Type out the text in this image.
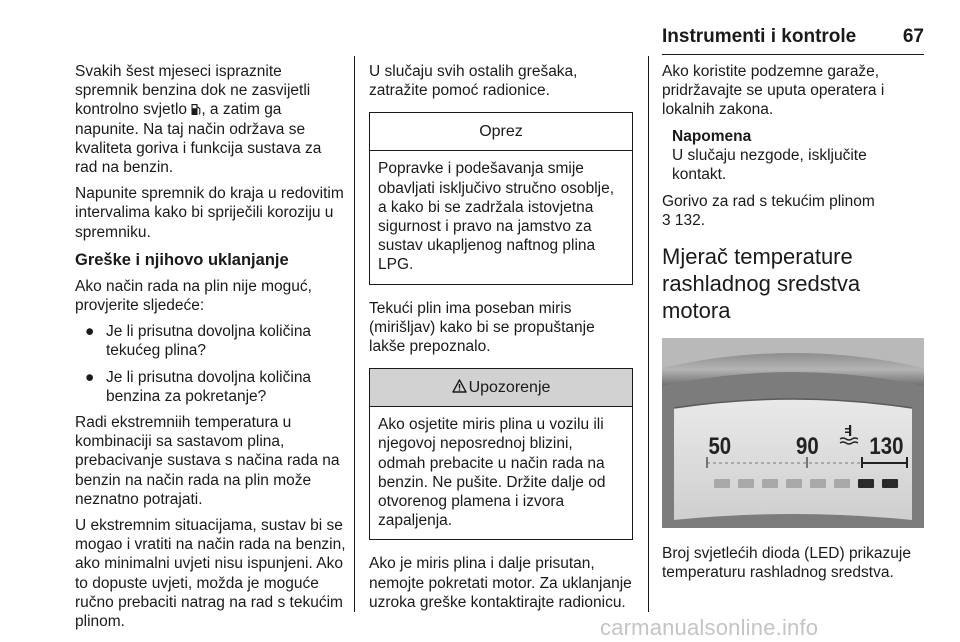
Instrumenti i kontrole 67

Svakih šest mjeseci ispraznite spremnik benzina dok ne zasvijetli kontrolno svjetlo , a zatim ga napunite. Na taj način održava se kvaliteta goriva i funkcija sustava za rad na benzin.

Napunite spremnik do kraja u redovitim intervalima kako bi spriječili koroziju u spremniku.

Greške i njihovo uklanjanje

Ako način rada na plin nije moguć, provjerite sljedeće:

● Je li prisutna dovoljna količina tekućeg plina?
● Je li prisutna dovoljna količina benzina za pokretanje?

Radi ekstremniih temperatura u kombinaciji sa sastavom plina, prebacivanje sustava s načina rada na benzin na način rada na plin može neznatno potrajati.

U ekstremnim situacijama, sustav bi se mogao i vratiti na način rada na benzin, ako minimalni uvjeti nisu ispunjeni. Ako to dopuste uvjeti, možda je moguće ručno prebaciti natrag na rad s tekućim plinom.

U slučaju svih ostalih grešaka, zatražite pomoć radionice.

Oprez
Popravke i podešavanja smije obavljati isključivo stručno osoblje, a kako bi se zadržala istovjetna sigurnost i pravo na jamstvo za sustav ukapljenog naftnog plina LPG.

Tekući plin ima poseban miris (mirišljav) kako bi se propuštanje lakše prepoznalo.

Upozorenje
Ako osjetite miris plina u vozilu ili njegovoj neposrednoj blizini, odmah prebacite u način rada na benzin. Ne pušite. Držite dalje od otvorenog plamena i izvora zapaljenja.

Ako je miris plina i dalje prisutan, nemojte pokretati motor. Za uklanjanje uzroka greške kontaktirajte radionicu.

Ako koristite podzemne garaže, pridržavajte se uputa operatera i lokalnih zakona.

Napomena
U slučaju nezgode, isključite kontakt.

Gorivo za rad s tekućim plinom
3 132.

Mjerač temperature rashladnog sredstva motora
50	90 130

Broj svjetlećih dioda (LED) prikazuje temperaturu rashladnog sredstva.

carmanualsonline.info
